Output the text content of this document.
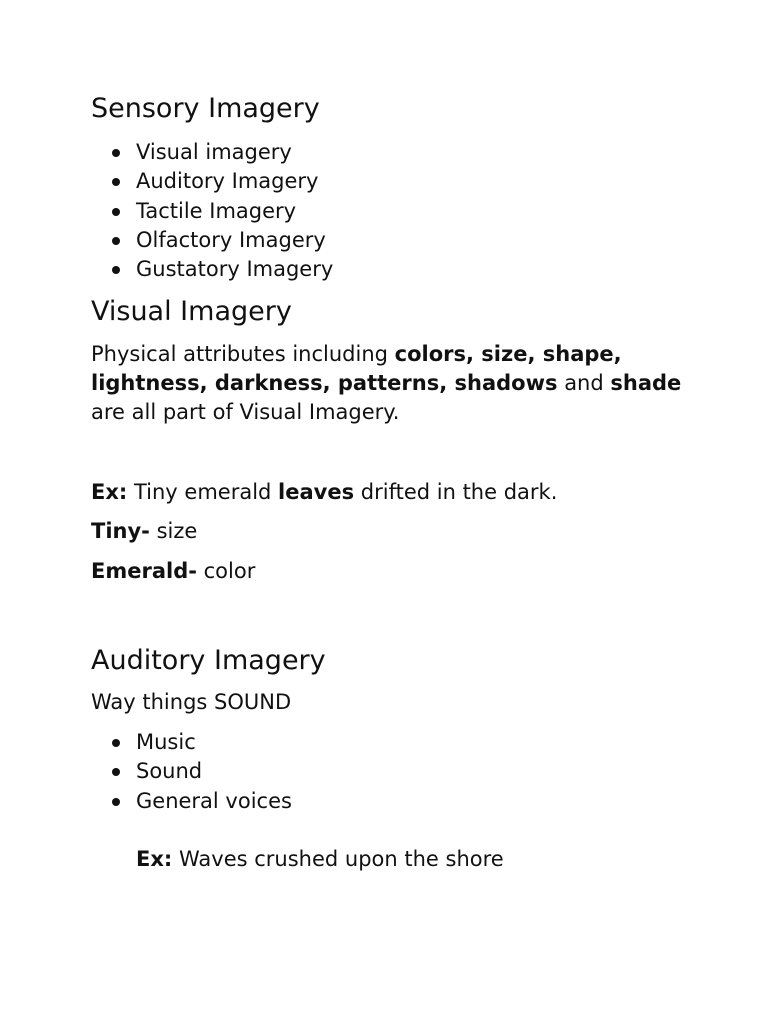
Sensory Imagery
Visual imagery
Auditory Imagery
Tactile Imagery
Olfactory Imagery
Gustatory Imagery
Visual Imagery

Physical attributes including colors, size, shape, lightness, darkness, patterns, shadows and shade are all part of Visual Imagery.

Ex: Tiny emerald leaves drifted in the dark.

Tiny- size

Emerald- color

Auditory Imagery

Way things SOUND

Music
Sound
General voices

Ex: Waves crushed upon the shore
